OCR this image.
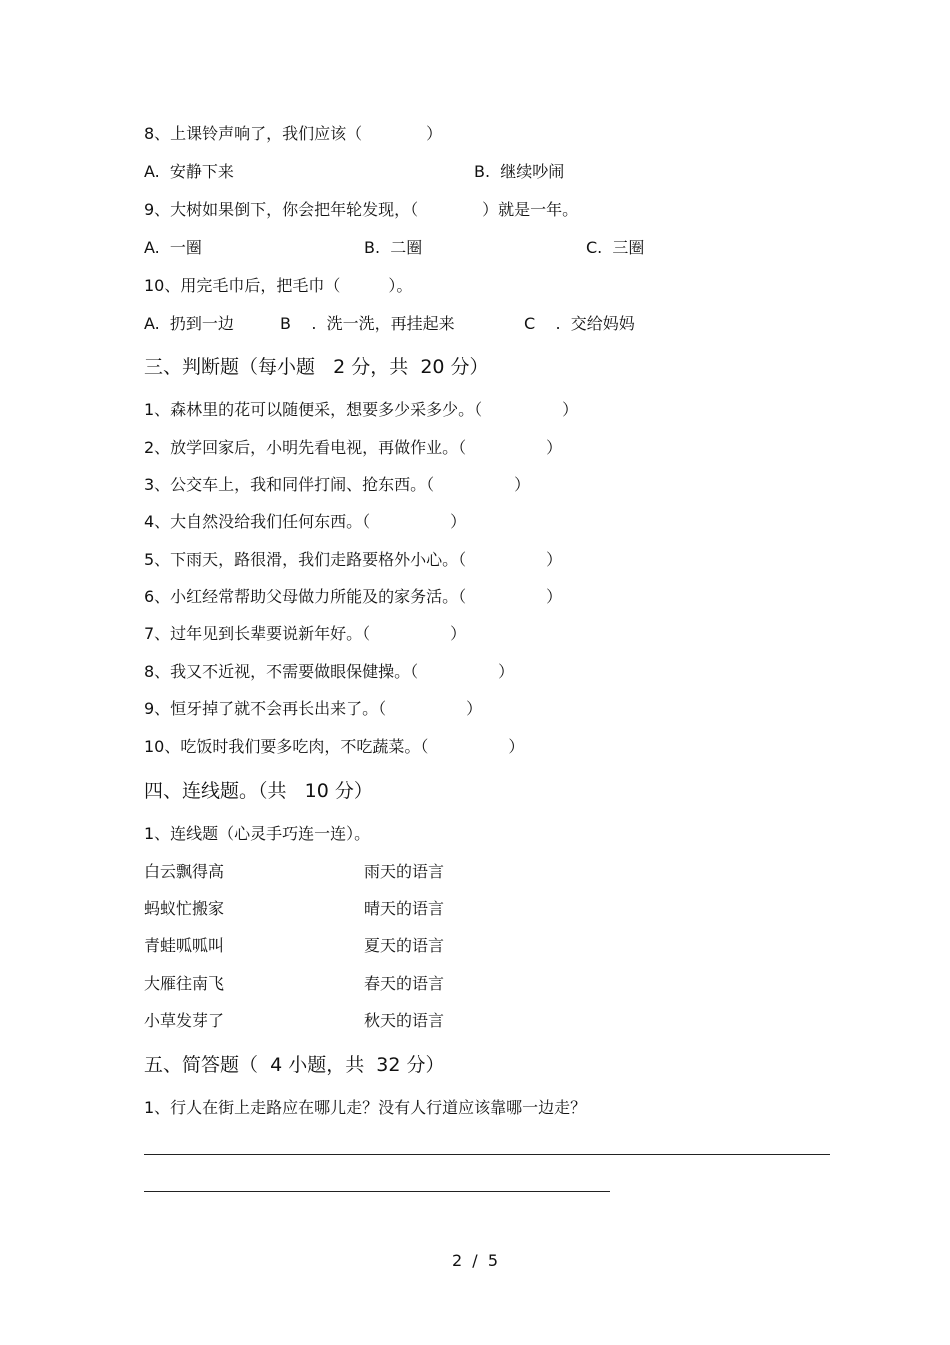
8、上课铃声响了，我们应该（　　　　）
A.  安静下来	B.  继续吵闹
9、大树如果倒下，你会把年轮发现，（　　　　）就是一年。
A.  一圈	B.  二圈	C.  三圈
10、用完毛巾后，把毛巾（　　　）。
A.  扔到一边	B    .  洗一洗，再挂起来	C    .  交给妈妈
三、判断题（每小题   2 分，共  20 分）
1、森林里的花可以随便采，想要多少采多少。（　　　　　）
2、放学回家后，小明先看电视，再做作业。（　　　　　）
3、公交车上，我和同伴打闹、抢东西。（　　　　　）
4、大自然没给我们任何东西。（　　　　　）
5、下雨天，路很滑，我们走路要格外小心。（　　　　　）
6、小红经常帮助父母做力所能及的家务活。（　　　　　）
7、过年见到长辈要说新年好。（　　　　　）
8、我又不近视，不需要做眼保健操。（　　　　　）
9、恒牙掉了就不会再长出来了。（　　　　　）
10、吃饭时我们要多吃肉，不吃蔬菜。（　　　　　）
四、连线题。（共   10 分）
1、连线题（心灵手巧连一连）。
白云飘得高	雨天的语言
蚂蚁忙搬家	晴天的语言
青蛙呱呱叫	夏天的语言
大雁往南飞	春天的语言
小草发芽了	秋天的语言
五、简答题（  4 小题，共  32 分）
1、行人在街上走路应在哪儿走？没有人行道应该靠哪一边走？
2  /  5
